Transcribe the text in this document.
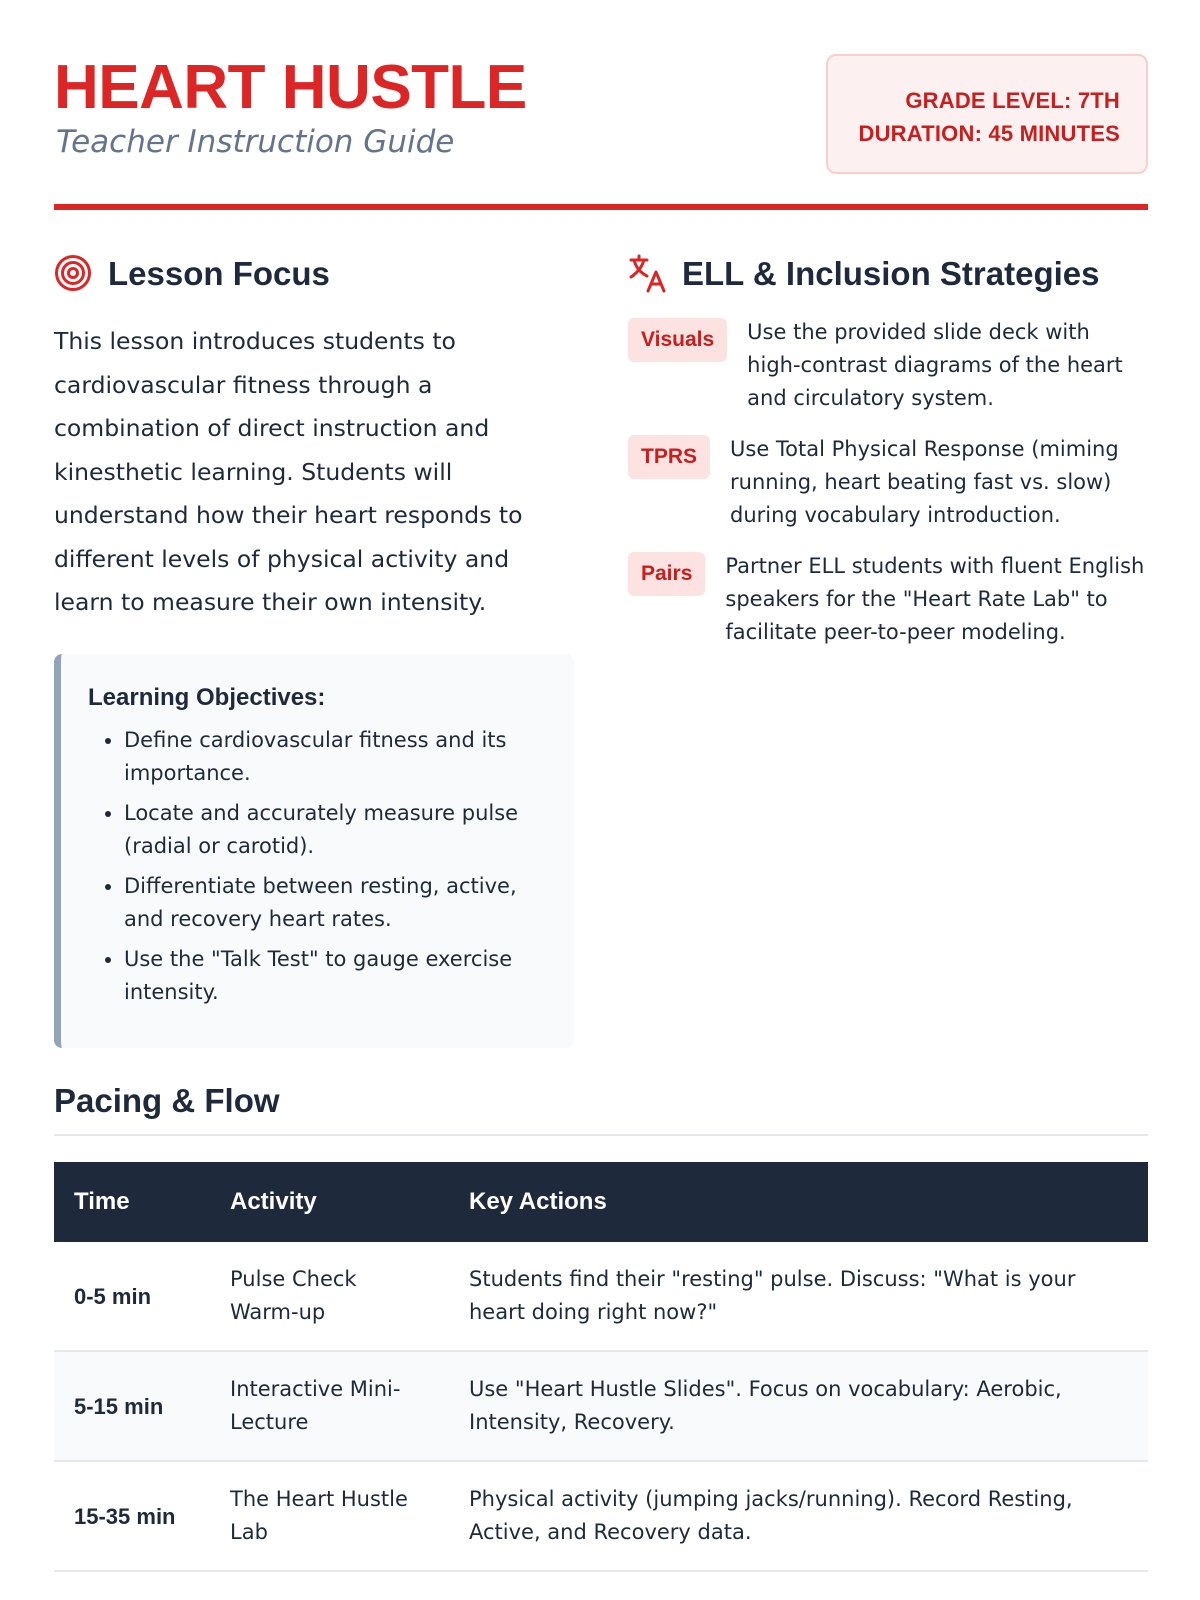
HEART HUSTLE

Teacher Instruction Guide

GRADE LEVEL: 7TH
DURATION: 45 MINUTES
Lesson Focus

This lesson introduces students to cardiovascular fitness through a combination of direct instruction and kinesthetic learning. Students will understand how their heart responds to different levels of physical activity and learn to measure their own intensity.

Learning Objectives:
• Define cardiovascular fitness and its importance.
• Locate and accurately measure pulse (radial or carotid).
• Differentiate between resting, active, and recovery heart rates.
• Use the "Talk Test" to gauge exercise intensity.
ELL & Inclusion Strategies
Visuals	Use the provided slide deck with high-contrast diagrams of the heart and circulatory system.
TPRS	Use Total Physical Response (miming running, heart beating fast vs. slow) during vocabulary introduction.
Pairs	Partner ELL students with fluent English speakers for the "Heart Rate Lab" to facilitate peer-to-peer modeling.
Pacing & Flow
Time	Activity	Key Actions
0-5 min	Pulse Check Warm-up	Students find their "resting" pulse. Discuss: "What is your heart doing right now?"
5-15 min	Interactive Mini-Lecture	Use "Heart Hustle Slides". Focus on vocabulary: Aerobic, Intensity, Recovery.
15-35 min	The Heart Hustle Lab	Physical activity (jumping jacks/running). Record Resting, Active, and Recovery data.
